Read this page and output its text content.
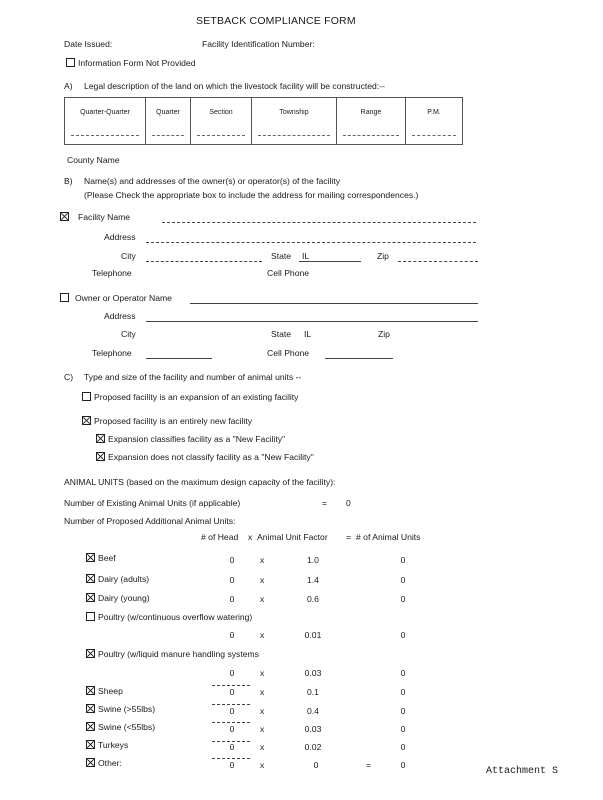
SETBACK COMPLIANCE FORM
Date Issued:	Facility Identification Number:
Information Form Not Provided
A) Legal description of the land on which the livestock facility will be constructed:--
Quarter-Quarter	Quarter	Section	Township	Range	P.M.
County Name
B) Name(s) and addresses of the owner(s) or operator(s) of the facility
(Please Check the appropriate box to include the address for mailing correspondences.)
Facility Name
Address
City	State IL	Zip
Telephone	Cell Phone
Owner or Operator Name
Address
City	State IL	Zip
Telephone	Cell Phone
C) Type and size of the facility and number of animal units --
Proposed facility is an expansion of an existing facility
Proposed facility is an entirely new facility
Expansion classifies facility as a "New Facility"
Expansion does not classify facility as a "New Facility"
ANIMAL UNITS (based on the maximum design capacity of the facility):
Number of Existing Animal Units (if applicable)	= 0
Number of Proposed Additional Animal Units:
# of Head x Animal Unit Factor = # of Animal Units
Beef	0	x	1.0	0
Dairy (adults)	0	x	1.4	0
Dairy (young)	0	x	0.6	0
Poultry (w/continuous overflow watering)
0	x	0.01	0
Poultry (w/liquid manure handling systems
0	x	0.03	0
Sheep	0	x	0.1	0
Swine (>55lbs)	0	x	0.4	0
Swine (<55lbs)	0	x	0.03	0
Turkeys	0	x	0.02	0
Other:	0	x	0	=	0
Attachment S
